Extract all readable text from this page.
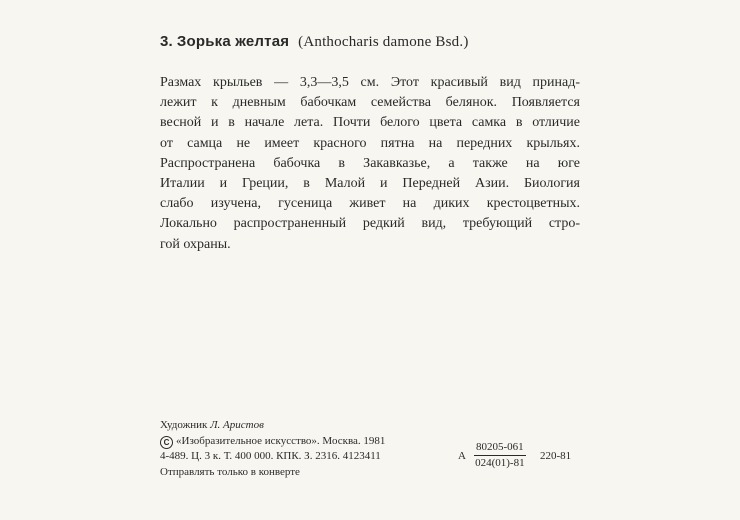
3. Зорька желтая (Anthocharis damone Bsd.)
Размах крыльев — 3,3—3,5 см. Этот красивый вид принад-
лежит к дневным бабочкам семейства белянок. Появляется
весной и в начале лета. Почти белого цвета самка в отличие
от самца не имеет красного пятна на передних крыльях.
Распространена бабочка в Закавказье, а также на юге
Италии и Греции, в Малой и Передней Азии. Биология
слабо изучена, гусеница живет на диких крестоцветных.
Локально распространенный редкий вид, требующий стро-
гой охраны.
Художник Л. Аристов
C «Изобразительное искусство». Москва. 1981
4-489. Ц. 3 к. Т. 400 000. КПК. З. 2316. 4123411
Отправлять только в конверте
А $\frac{80205-061}{024(01)-81} 220-81$
